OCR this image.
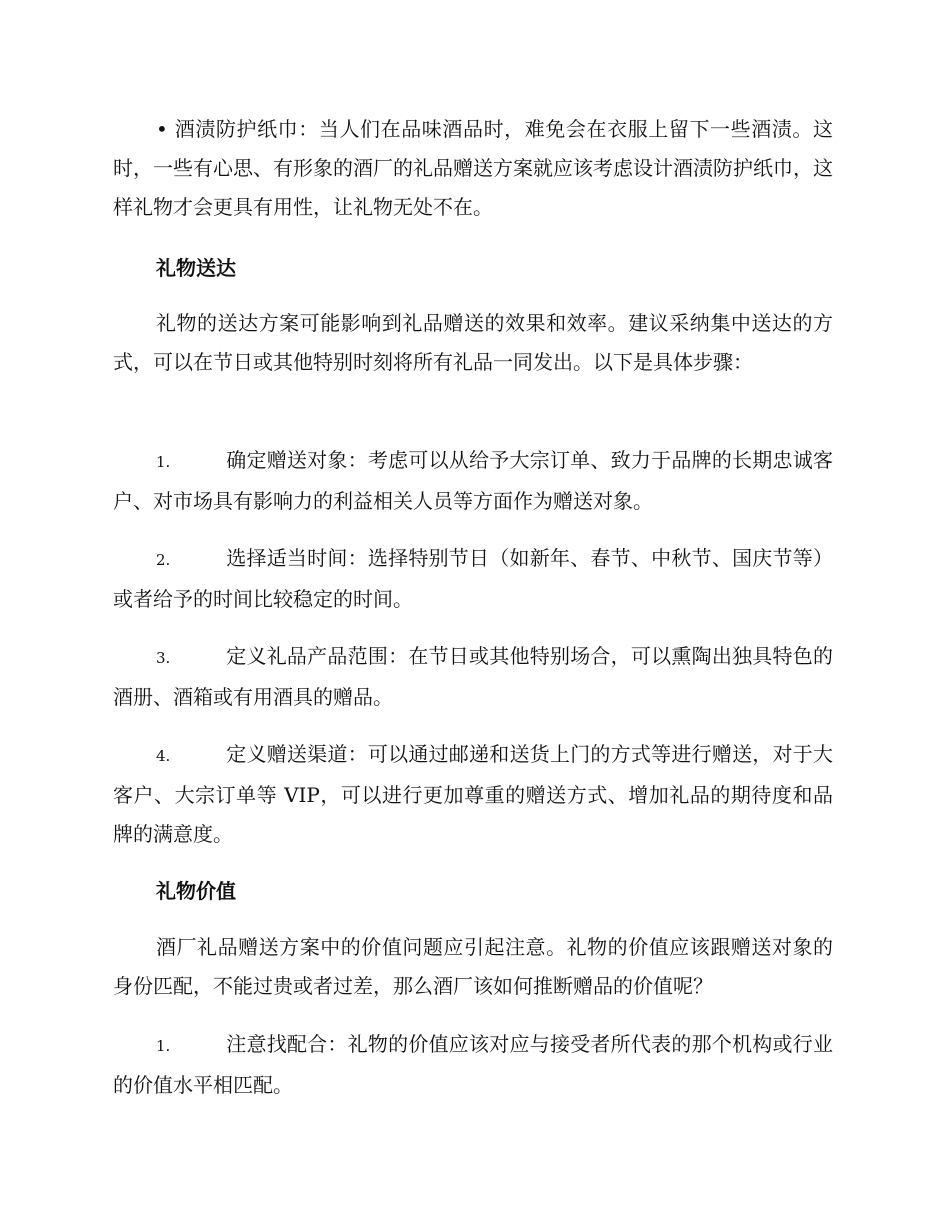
• 酒渍防护纸巾：当人们在品味酒品时，难免会在衣服上留下一些酒渍。这时，一些有心思、有形象的酒厂的礼品赠送方案就应该考虑设计酒渍防护纸巾，这样礼物才会更具有用性，让礼物无处不在。

礼物送达

礼物的送达方案可能影响到礼品赠送的效果和效率。建议采纳集中送达的方式，可以在节日或其他特别时刻将所有礼品一同发出。以下是具体步骤：

1.	确定赠送对象：考虑可以从给予大宗订单、致力于品牌的长期忠诚客户、对市场具有影响力的利益相关人员等方面作为赠送对象。

2.	选择适当时间：选择特别节日（如新年、春节、中秋节、国庆节等）或者给予的时间比较稳定的时间。

3.	定义礼品产品范围：在节日或其他特别场合，可以熏陶出独具特色的酒册、酒箱或有用酒具的赠品。

4.	定义赠送渠道：可以通过邮递和送货上门的方式等进行赠送，对于大客户、大宗订单等 VIP，可以进行更加尊重的赠送方式、增加礼品的期待度和品牌的满意度。

礼物价值

酒厂礼品赠送方案中的价值问题应引起注意。礼物的价值应该跟赠送对象的身份匹配，不能过贵或者过差，那么酒厂该如何推断赠品的价值呢？

1.	注意找配合：礼物的价值应该对应与接受者所代表的那个机构或行业的价值水平相匹配。
